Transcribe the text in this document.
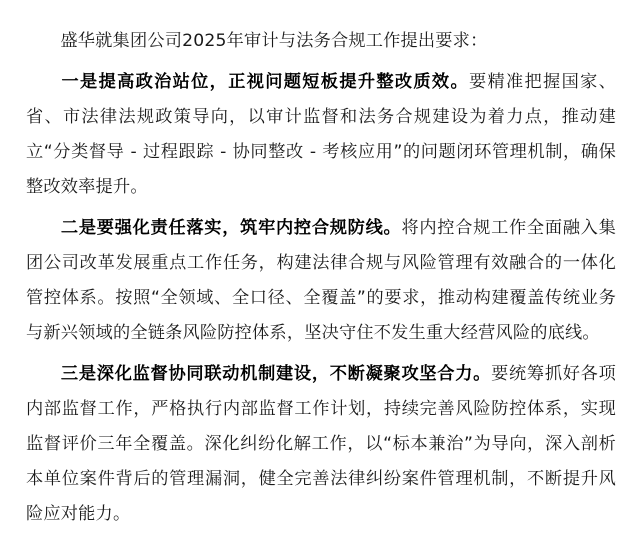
盛华就集团公司2025年审计与法务合规工作提出要求：

一是提高政治站位，正视问题短板提升整改质效。要精准把握国家、省、市法律法规政策导向，以审计监督和法务合规建设为着力点，推动建立“分类督导 - 过程跟踪 - 协同整改 - 考核应用”的问题闭环管理机制，确保整改效率提升。

二是要强化责任落实，筑牢内控合规防线。将内控合规工作全面融入集团公司改革发展重点工作任务，构建法律合规与风险管理有效融合的一体化管控体系。按照“全领域、全口径、全覆盖”的要求，推动构建覆盖传统业务与新兴领域的全链条风险防控体系，坚决守住不发生重大经营风险的底线。

三是深化监督协同联动机制建设，不断凝聚攻坚合力。要统筹抓好各项内部监督工作，严格执行内部监督工作计划，持续完善风险防控体系，实现监督评价三年全覆盖。深化纠纷化解工作，以“标本兼治”为导向，深入剖析本单位案件背后的管理漏洞，健全完善法律纠纷案件管理机制，不断提升风险应对能力。
